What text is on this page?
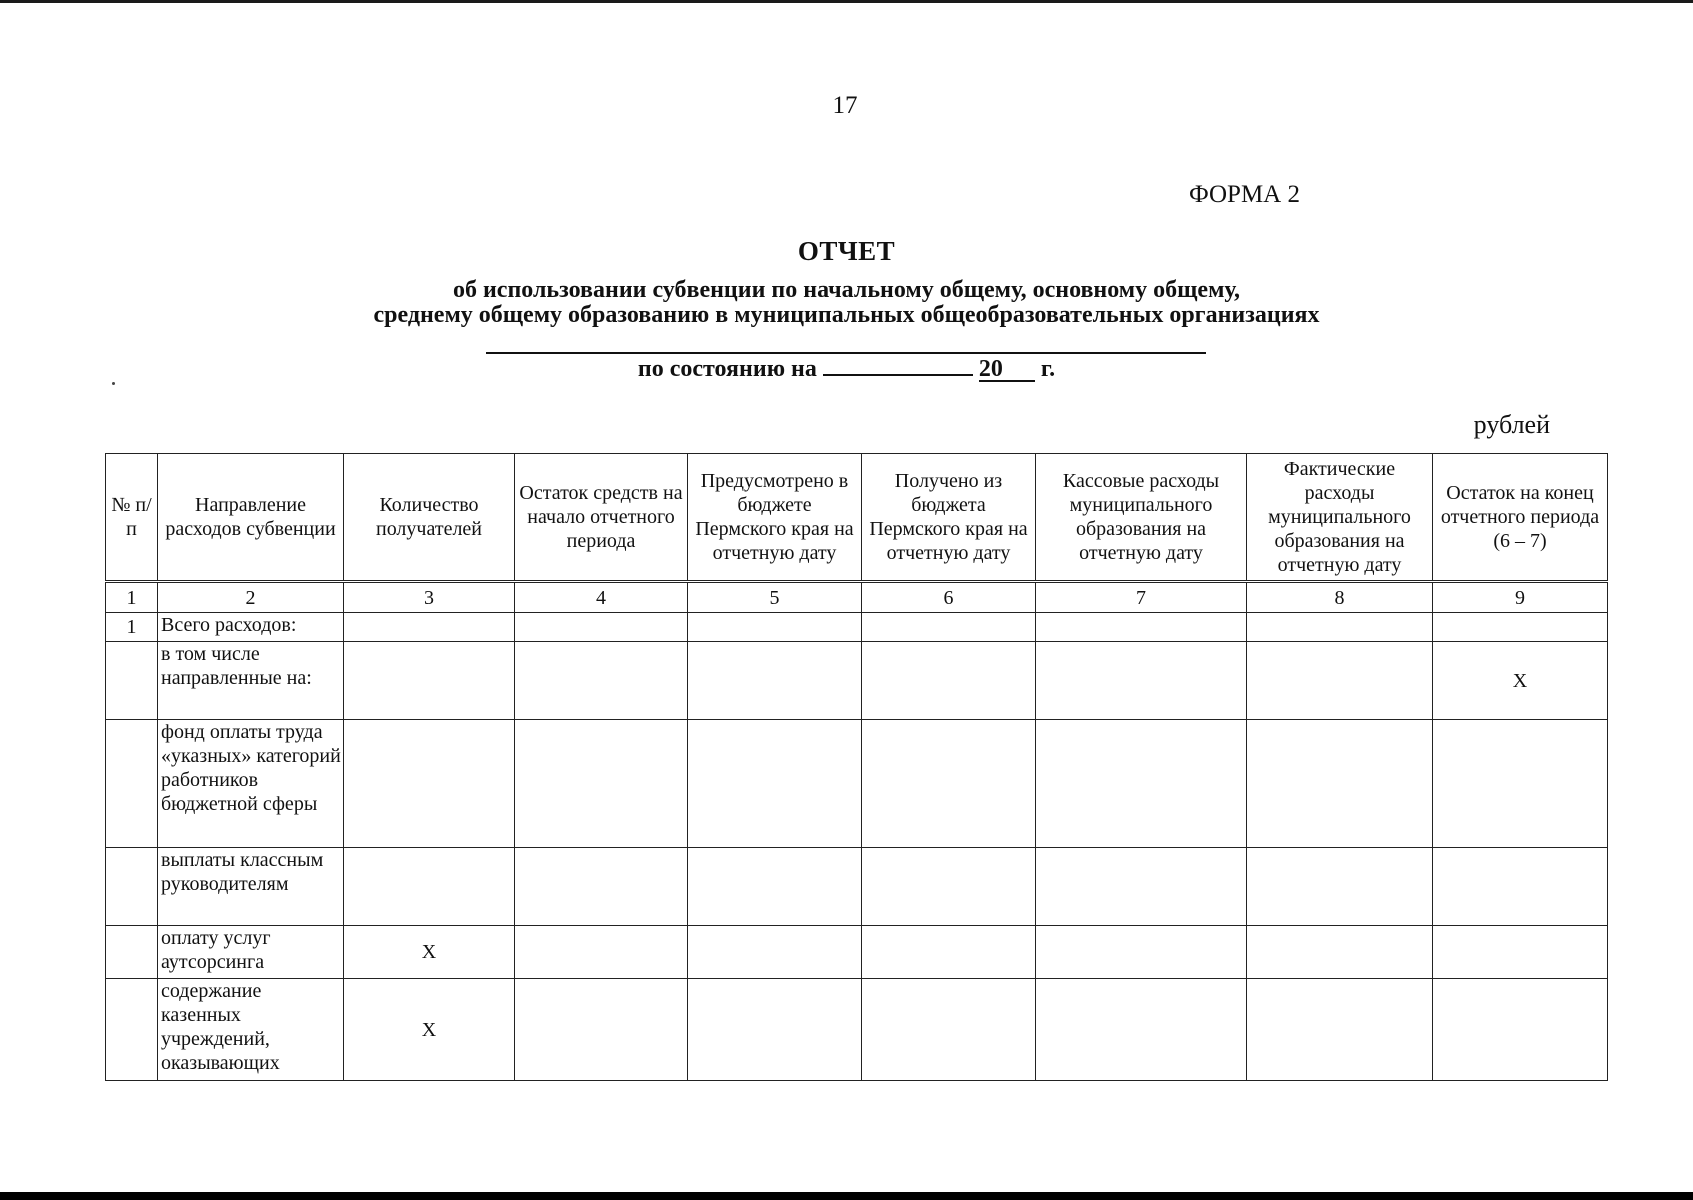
17
ФОРМА 2
ОТЧЕТ
об использовании субвенции по начальному общему, основному общему,
среднему общему образованию в муниципальных общеобразовательных организациях
по состоянию на	20 г.
рублей
№ п/п	Направление расходов субвенции	Количество получателей	Остаток средств на начало отчетного периода	Предусмотрено в бюджете Пермского края на отчетную дату	Получено из бюджета Пермского края на отчетную дату	Кассовые расходы муниципального образования на отчетную дату	Фактические расходы муниципального образования на отчетную дату	Остаток на конец отчетного периода (6 – 7)
1	2	3	4	5	6	7	8	9
1	Всего расходов:							
	в том числе направленные на:							Х
	фонд оплаты труда «указных» категорий работников бюджетной сферы							
	выплаты классным руководителям							
	оплату услуг аутсорсинга	Х						
	содержание казенных учреждений, оказывающих	Х						
